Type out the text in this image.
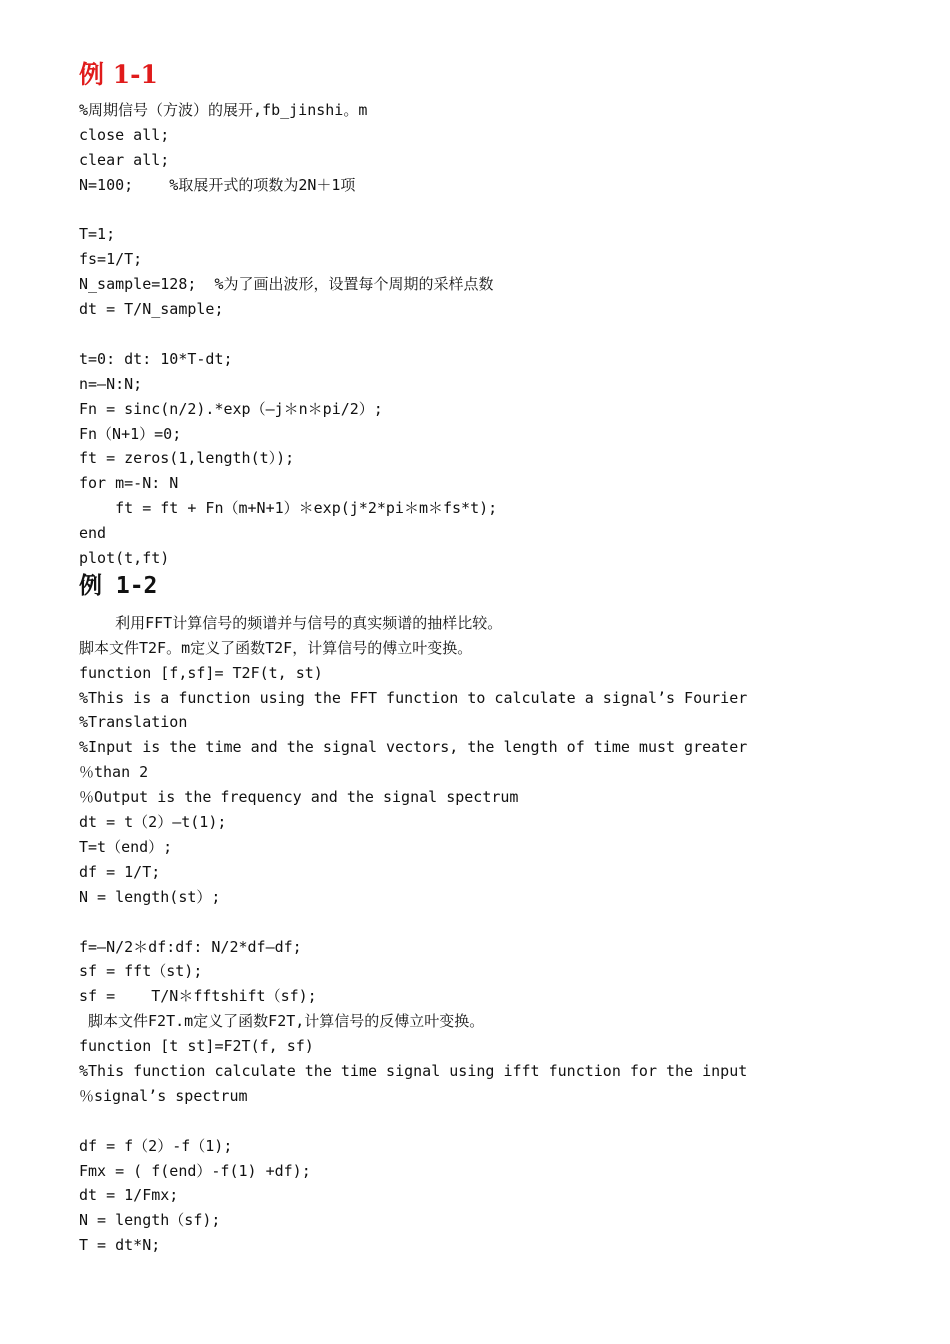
例 1-1
%周期信号（方波）的展开,fb_jinshi。m
close all;
clear all;
N=100;    %取展开式的项数为2N＋1项
T=1;
fs=1/T;
N_sample=128;  %为了画出波形，设置每个周期的采样点数
dt = T/N_sample;
t=0: dt: 10*T-dt;
n=—N:N;
Fn = sinc(n/2).*exp（—j＊n＊pi/2）;
Fn（N+1）=0;
ft = zeros(1,length(t）);
for m=-N: N
ft = ft + Fn（m+N+1）＊exp(j*2*pi＊m＊fs*t);
end
plot(t,ft)
例 1-2
利用FFT计算信号的频谱并与信号的真实频谱的抽样比较。
脚本文件T2F。m定义了函数T2F，计算信号的傅立叶变换。
function [f,sf]= T2F(t, st)
%This is a function using the FFT function to calculate a signal’s Fourier
%Translation
%Input is the time and the signal vectors, the length of time must greater
％than 2
％Output is the frequency and the signal spectrum
dt = t（2）—t(1);
T=t（end）;
df = 1/T;
N = length(st）;
f=—N/2＊df:df: N/2*df—df;
sf = fft（st);
sf =    T/N＊fftshift（sf);
脚本文件F2T.m定义了函数F2T,计算信号的反傅立叶变换。
function [t st]=F2T(f, sf)
%This function calculate the time signal using ifft function for the input
％signal’s spectrum
df = f（2）-f（1);
Fmx = ( f(end）-f(1) +df);
dt = 1/Fmx;
N = length（sf);
T = dt*N;
